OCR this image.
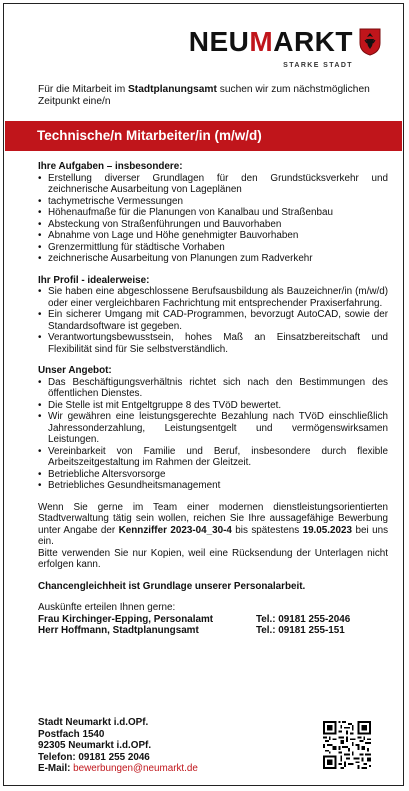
NEUMARKT
STARKE STADT
Für die Mitarbeit im Stadtplanungsamt suchen wir zum nächstmöglichen Zeitpunkt eine/n
Technische/n Mitarbeiter/in (m/w/d)
Ihre Aufgaben – insbesondere:
• Erstellung diverser Grundlagen für den Grundstücksverkehr und zeichnerische Ausarbeitung von Lageplänen
• tachymetrische Vermessungen
• Höhenaufmaße für die Planungen von Kanalbau und Straßenbau
• Absteckung von Straßenführungen und Bauvorhaben
• Abnahme von Lage und Höhe genehmigter Bauvorhaben
• Grenzermittlung für städtische Vorhaben
• zeichnerische Ausarbeitung von Planungen zum Radverkehr
Ihr Profil - idealerweise:
• Sie haben eine abgeschlossene Berufsausbildung als Bauzeichner/in (m/w/d) oder einer vergleichbaren Fachrichtung mit entsprechender Praxiserfahrung.
• Ein sicherer Umgang mit CAD-Programmen, bevorzugt AutoCAD, sowie der Standardsoftware ist gegeben.
• Verantwortungsbewusstsein, hohes Maß an Einsatzbereitschaft und Flexibilität sind für Sie selbstverständlich.
Unser Angebot:
• Das Beschäftigungsverhältnis richtet sich nach den Bestimmungen des öffentlichen Dienstes.
• Die Stelle ist mit Entgeltgruppe 8 des TVöD bewertet.
• Wir gewähren eine leistungsgerechte Bezahlung nach TVöD einschließlich Jahressonderzahlung, Leistungsentgelt und vermögenswirksamen Leistungen.
• Vereinbarkeit von Familie und Beruf, insbesondere durch flexible Arbeitszeitgestaltung im Rahmen der Gleitzeit.
• Betriebliche Altersvorsorge
• Betriebliches Gesundheitsmanagement

Wenn Sie gerne im Team einer modernen dienstleistungsorientierten Stadtverwaltung tätig sein wollen, reichen Sie Ihre aussagefähige Bewerbung unter Angabe der Kennziffer 2023-04_30-4 bis spätestens 19.05.2023 bei uns ein.

Bitte verwenden Sie nur Kopien, weil eine Rücksendung der Unterlagen nicht erfolgen kann.

Chancengleichheit ist Grundlage unserer Personalarbeit.
Auskünfte erteilen Ihnen gerne:
Frau Kirchinger-Epping, Personalamt	Tel.: 09181 255-2046
Herr Hoffmann, Stadtplanungsamt	Tel.: 09181 255-151
Stadt Neumarkt i.d.OPf.
Postfach 1540
92305 Neumarkt i.d.OPf.
Telefon: 09181 255 2046
E-Mail: bewerbungen@neumarkt.de
